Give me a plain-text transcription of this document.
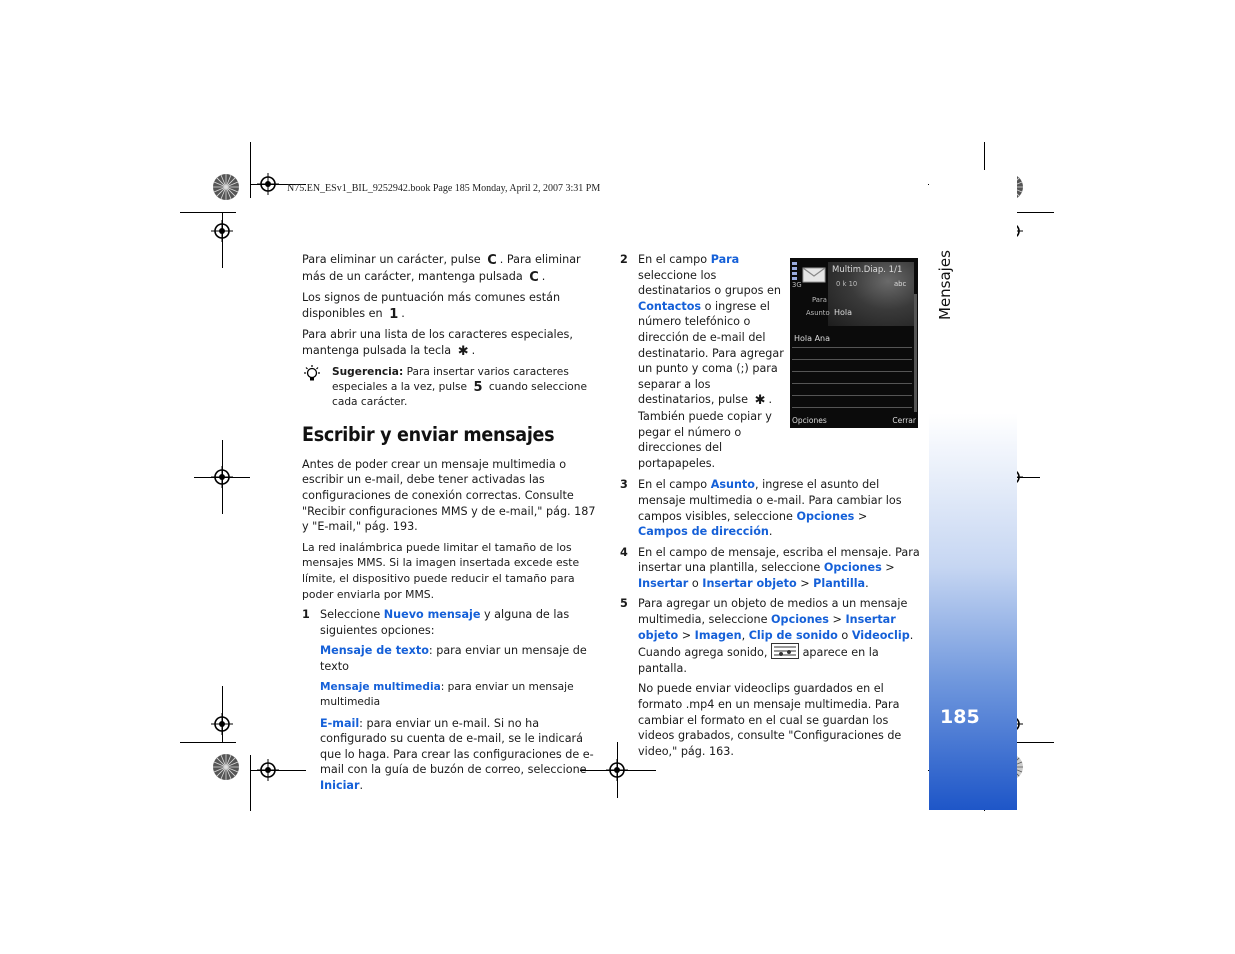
N75.EN_ESv1_BIL_9252942.book Page 185 Monday, April 2, 2007 3:31 PM
Mensajes
185

Para eliminar un carácter, pulse C . Para eliminar más de un carácter, mantenga pulsada C .

Los signos de puntuación más comunes están disponibles en 1 .

Para abrir una lista de los caracteres especiales, mantenga pulsada la tecla ✱ .

Sugerencia: Para insertar varios caracteres especiales a la vez, pulse 5 cuando seleccione cada carácter.
Escribir y enviar mensajes

Antes de poder crear un mensaje multimedia o escribir un e-mail, debe tener activadas las configuraciones de conexión correctas. Consulte "Recibir configuraciones MMS y de e-mail," pág. 187 y "E-mail," pág. 193.

La red inalámbrica puede limitar el tamaño de los mensajes MMS. Si la imagen insertada excede este límite, el dispositivo puede reducir el tamaño para poder enviarla por MMS.

1 Seleccione Nuevo mensaje y alguna de las siguientes opciones:
Mensaje de texto: para enviar un mensaje de texto
Mensaje multimedia: para enviar un mensaje multimedia
E-mail: para enviar un e-mail. Si no ha configurado su cuenta de e-mail, se le indicará que lo haga. Para crear las configuraciones de e-mail con la guía de buzón de correo, seleccione Iniciar.
2 En el campo Para seleccione los destinatarios o grupos en Contactos o ingrese el número telefónico o dirección de e-mail del destinatario. Para agregar un punto y coma (;) para separar a los destinatarios, pulse ✱ . También puede copiar y pegar el número o direcciones del portapapeles.
3 En el campo Asunto, ingrese el asunto del mensaje multimedia o e-mail. Para cambiar los campos visibles, seleccione Opciones > Campos de dirección.
4 En el campo de mensaje, escriba el mensaje. Para insertar una plantilla, seleccione Opciones > Insertar o Insertar objeto > Plantilla.
5 Para agregar un objeto de medios a un mensaje multimedia, seleccione Opciones > Insertar objeto > Imagen, Clip de sonido o Videoclip. Cuando agrega sonido,	aparece en la pantalla.
No puede enviar videoclips guardados en el formato .mp4 en un mensaje multimedia. Para cambiar el formato en el cual se guardan los videos grabados, consulte "Configuraciones de video," pág. 163.
Multim.Diap. 1/1
0 k 10
3G	abc
Para
Asunto Hola
Hola Ana
Opciones	Cerrar
